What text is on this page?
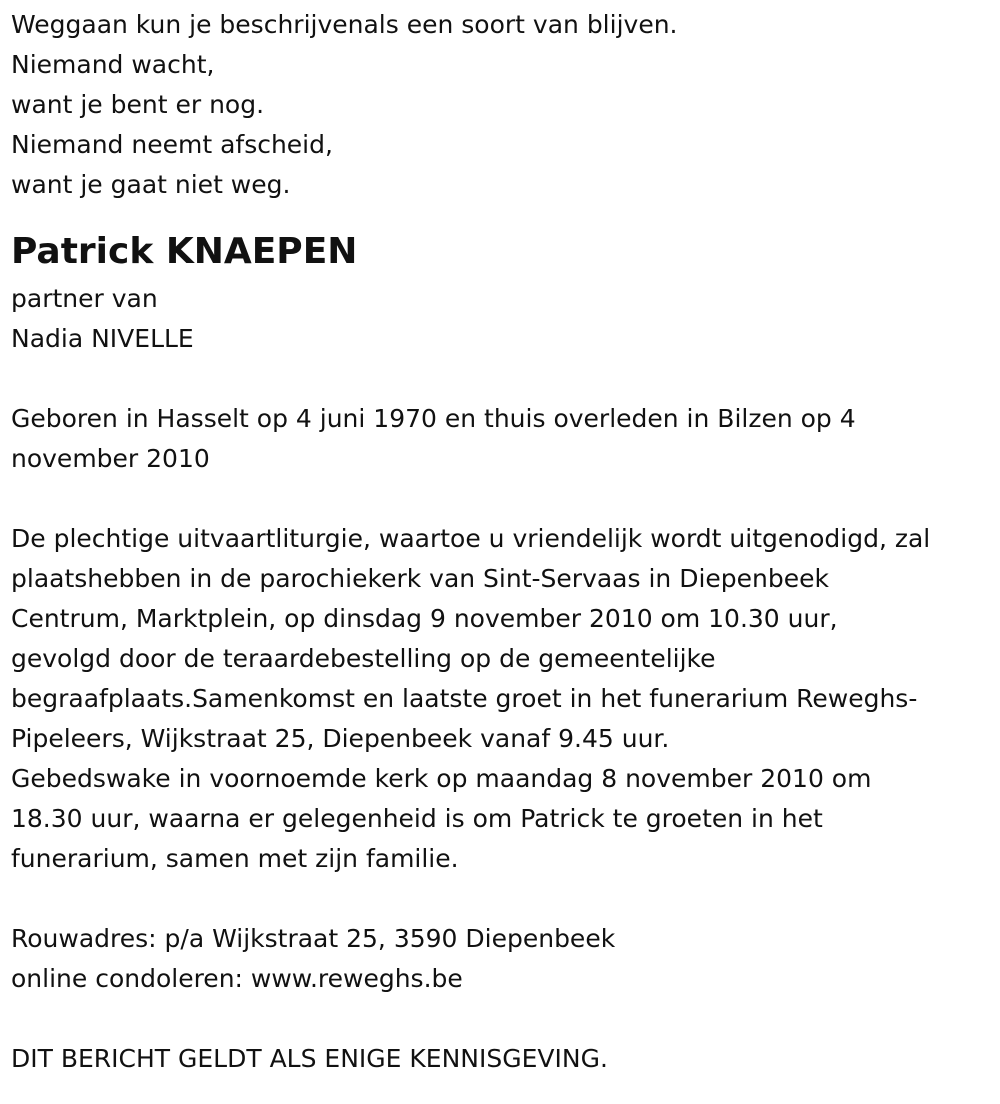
Weggaan kun je beschrijvenals een soort van blijven.
Niemand wacht,
want je bent er nog.
Niemand neemt afscheid,
want je gaat niet weg.
Patrick KNAEPEN
partner van
Nadia NIVELLE
Geboren in Hasselt op 4 juni 1970 en thuis overleden in Bilzen op 4
november 2010
De plechtige uitvaartliturgie, waartoe u vriendelijk wordt uitgenodigd, zal
plaatshebben in de parochiekerk van Sint-Servaas in Diepenbeek
Centrum, Marktplein, op dinsdag 9 november 2010 om 10.30 uur,
gevolgd door de teraardebestelling op de gemeentelijke
begraafplaats.Samenkomst en laatste groet in het funerarium Reweghs-
Pipeleers, Wijkstraat 25, Diepenbeek vanaf 9.45 uur.
Gebedswake in voornoemde kerk op maandag 8 november 2010 om
18.30 uur, waarna er gelegenheid is om Patrick te groeten in het
funerarium, samen met zijn familie.
Rouwadres: p/a Wijkstraat 25, 3590 Diepenbeek
online condoleren: www.reweghs.be
DIT BERICHT GELDT ALS ENIGE KENNISGEVING.
